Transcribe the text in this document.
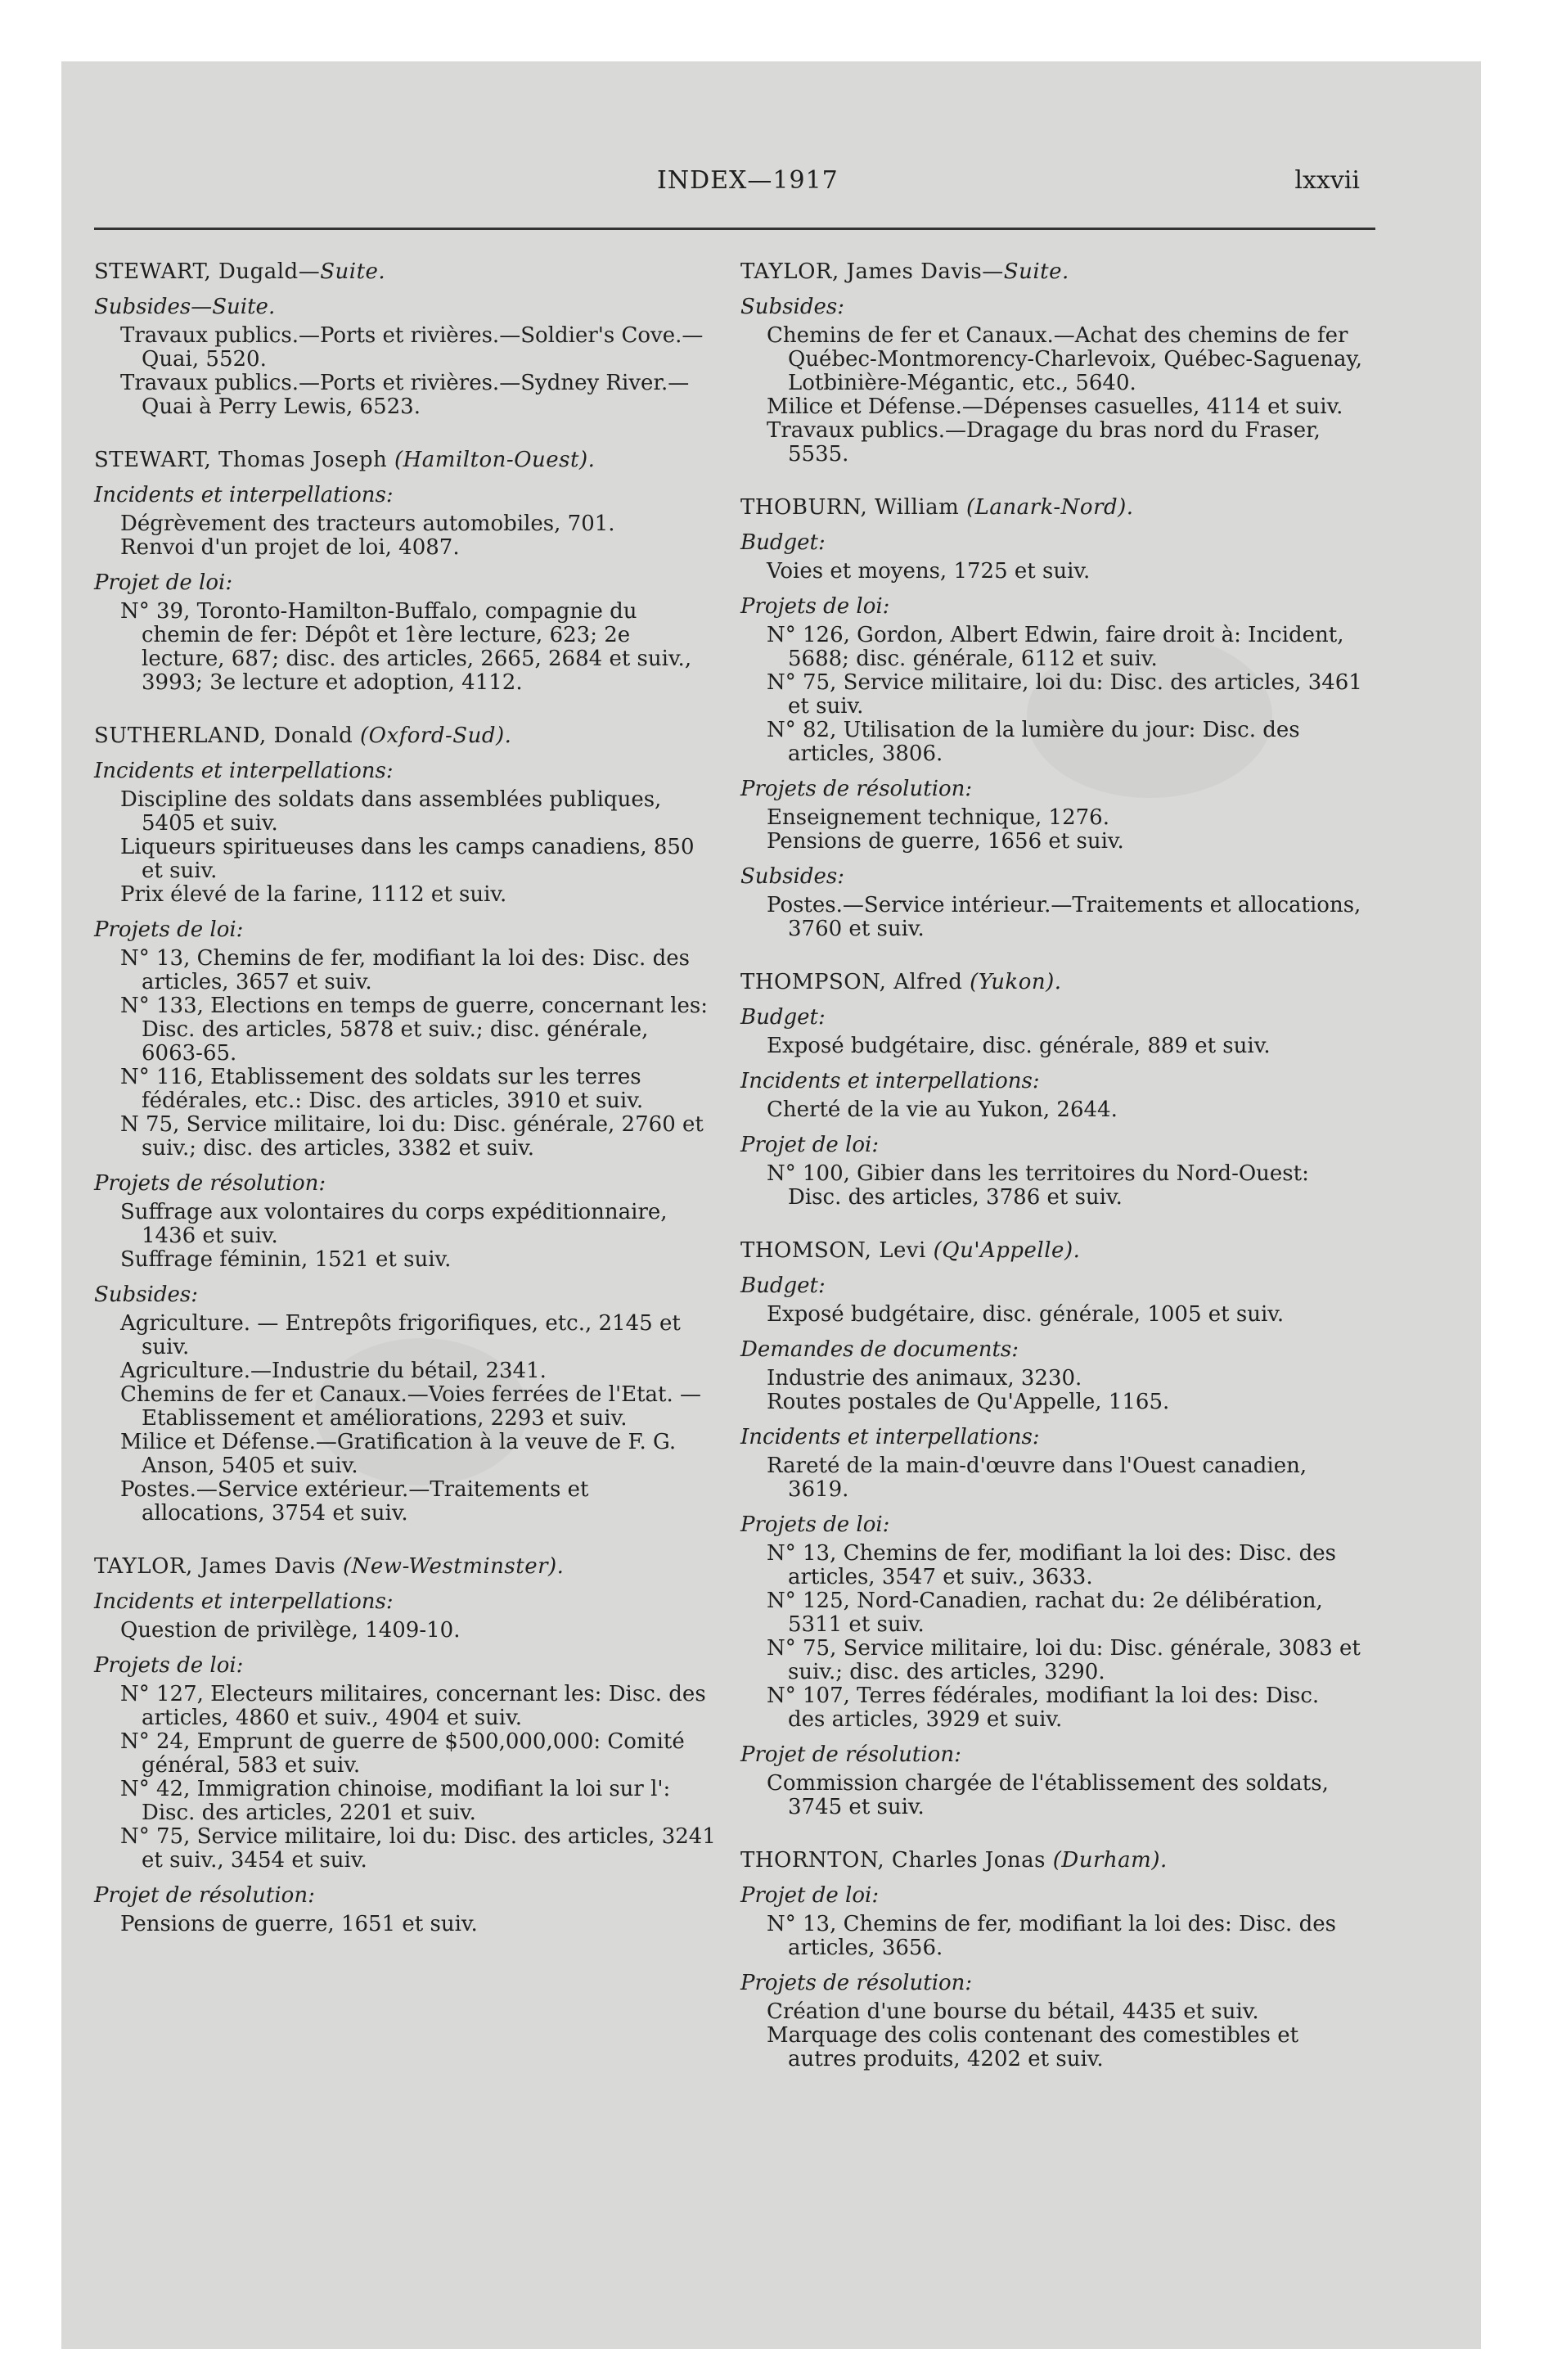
INDEX—1917	lxxvii
STEWART, Dugald—Suite.
Subsides—Suite.
Travaux publics.—Ports et rivières.—Soldier's Cove.—Quai, 5520.
Travaux publics.—Ports et rivières.—Sydney River.—Quai à Perry Lewis, 6523.
STEWART, Thomas Joseph (Hamilton-Ouest).
Incidents et interpellations:
Dégrèvement des tracteurs automobiles, 701.
Renvoi d'un projet de loi, 4087.
Projet de loi:
N° 39, Toronto-Hamilton-Buffalo, compagnie du chemin de fer: Dépôt et 1ère lecture, 623; 2e lecture, 687; disc. des articles, 2665, 2684 et suiv., 3993; 3e lecture et adoption, 4112.
SUTHERLAND, Donald (Oxford-Sud).
Incidents et interpellations:
Discipline des soldats dans assemblées publiques, 5405 et suiv.
Liqueurs spiritueuses dans les camps canadiens, 850 et suiv.
Prix élevé de la farine, 1112 et suiv.
Projets de loi:
N° 13, Chemins de fer, modifiant la loi des: Disc. des articles, 3657 et suiv.
N° 133, Elections en temps de guerre, concernant les: Disc. des articles, 5878 et suiv.; disc. générale, 6063-65.
N° 116, Etablissement des soldats sur les terres fédérales, etc.: Disc. des articles, 3910 et suiv.
N 75, Service militaire, loi du: Disc. générale, 2760 et suiv.; disc. des articles, 3382 et suiv.
Projets de résolution:
Suffrage aux volontaires du corps expéditionnaire, 1436 et suiv.
Suffrage féminin, 1521 et suiv.
Subsides:
Agriculture. — Entrepôts frigorifiques, etc., 2145 et suiv.
Agriculture.—Industrie du bétail, 2341.
Chemins de fer et Canaux.—Voies ferrées de l'Etat. — Etablissement et améliorations, 2293 et suiv.
Milice et Défense.—Gratification à la veuve de F. G. Anson, 5405 et suiv.
Postes.—Service extérieur.—Traitements et allocations, 3754 et suiv.
TAYLOR, James Davis (New-Westminster).
Incidents et interpellations:
Question de privilège, 1409-10.
Projets de loi:
N° 127, Electeurs militaires, concernant les: Disc. des articles, 4860 et suiv., 4904 et suiv.
N° 24, Emprunt de guerre de $500,000,000: Comité général, 583 et suiv.
N° 42, Immigration chinoise, modifiant la loi sur l': Disc. des articles, 2201 et suiv.
N° 75, Service militaire, loi du: Disc. des articles, 3241 et suiv., 3454 et suiv.
Projet de résolution:
Pensions de guerre, 1651 et suiv.
TAYLOR, James Davis—Suite.
Subsides:
Chemins de fer et Canaux.—Achat des chemins de fer Québec-Montmorency-Charlevoix, Québec-Saguenay, Lotbinière-Mégantic, etc., 5640.
Milice et Défense.—Dépenses casuelles, 4114 et suiv.
Travaux publics.—Dragage du bras nord du Fraser, 5535.
THOBURN, William (Lanark-Nord).
Budget:
Voies et moyens, 1725 et suiv.
Projets de loi:
N° 126, Gordon, Albert Edwin, faire droit à: Incident, 5688; disc. générale, 6112 et suiv.
N° 75, Service militaire, loi du: Disc. des articles, 3461 et suiv.
N° 82, Utilisation de la lumière du jour: Disc. des articles, 3806.
Projets de résolution:
Enseignement technique, 1276.
Pensions de guerre, 1656 et suiv.
Subsides:
Postes.—Service intérieur.—Traitements et allocations, 3760 et suiv.
THOMPSON, Alfred (Yukon).
Budget:
Exposé budgétaire, disc. générale, 889 et suiv.
Incidents et interpellations:
Cherté de la vie au Yukon, 2644.
Projet de loi:
N° 100, Gibier dans les territoires du Nord-Ouest: Disc. des articles, 3786 et suiv.
THOMSON, Levi (Qu'Appelle).
Budget:
Exposé budgétaire, disc. générale, 1005 et suiv.
Demandes de documents:
Industrie des animaux, 3230.
Routes postales de Qu'Appelle, 1165.
Incidents et interpellations:
Rareté de la main-d'œuvre dans l'Ouest canadien, 3619.
Projets de loi:
N° 13, Chemins de fer, modifiant la loi des: Disc. des articles, 3547 et suiv., 3633.
N° 125, Nord-Canadien, rachat du: 2e délibération, 5311 et suiv.
N° 75, Service militaire, loi du: Disc. générale, 3083 et suiv.; disc. des articles, 3290.
N° 107, Terres fédérales, modifiant la loi des: Disc. des articles, 3929 et suiv.
Projet de résolution:
Commission chargée de l'établissement des soldats, 3745 et suiv.
THORNTON, Charles Jonas (Durham).
Projet de loi:
N° 13, Chemins de fer, modifiant la loi des: Disc. des articles, 3656.
Projets de résolution:
Création d'une bourse du bétail, 4435 et suiv.
Marquage des colis contenant des comestibles et autres produits, 4202 et suiv.
